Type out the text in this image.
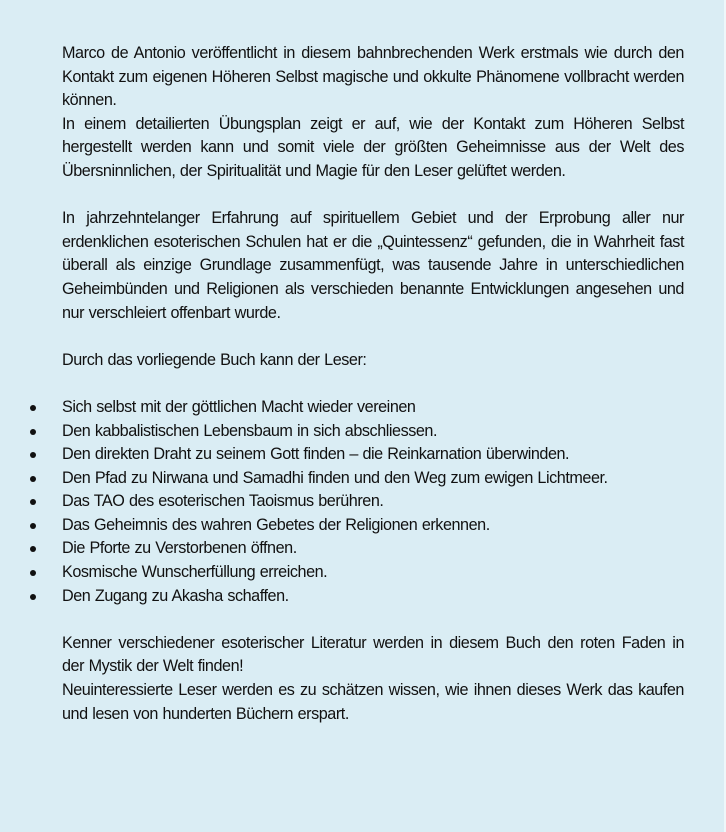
Marco de Antonio veröffentlicht in diesem bahnbrechenden Werk erstmals wie durch den Kontakt zum eigenen Höheren Selbst magische und okkulte Phänomene vollbracht werden können.

In einem detailierten Übungsplan zeigt er auf, wie der Kontakt zum Höheren Selbst hergestellt werden kann und somit viele der größten Geheimnisse aus der Welt des Übersninnlichen, der Spiritualität und Magie für den Leser gelüftet werden.

In jahrzehntelanger Erfahrung auf spirituellem Gebiet und der Erprobung aller nur erdenklichen esoterischen Schulen hat er die „Quintessenz“ gefunden, die in Wahrheit fast überall als einzige Grundlage zusammenfügt, was tausende Jahre in unterschiedlichen Geheimbünden und Religionen als verschieden benannte Entwicklungen angesehen und nur verschleiert offenbart wurde.

Durch das vorliegende Buch kann der Leser:

Sich selbst mit der göttlichen Macht wieder vereinen
Den kabbalistischen Lebensbaum in sich abschliessen.
Den direkten Draht zu seinem Gott finden – die Reinkarnation überwinden.
Den Pfad zu Nirwana und Samadhi finden und den Weg zum ewigen Lichtmeer.
Das TAO des esoterischen Taoismus berühren.
Das Geheimnis des wahren Gebetes der Religionen erkennen.
Die Pforte zu Verstorbenen öffnen.
Kosmische Wunscherfüllung erreichen.
Den Zugang zu Akasha schaffen.

Kenner verschiedener esoterischer Literatur werden in diesem Buch den roten Faden in der Mystik der Welt finden!

Neuinteressierte Leser werden es zu schätzen wissen, wie ihnen dieses Werk das kaufen und lesen von hunderten Büchern erspart.
